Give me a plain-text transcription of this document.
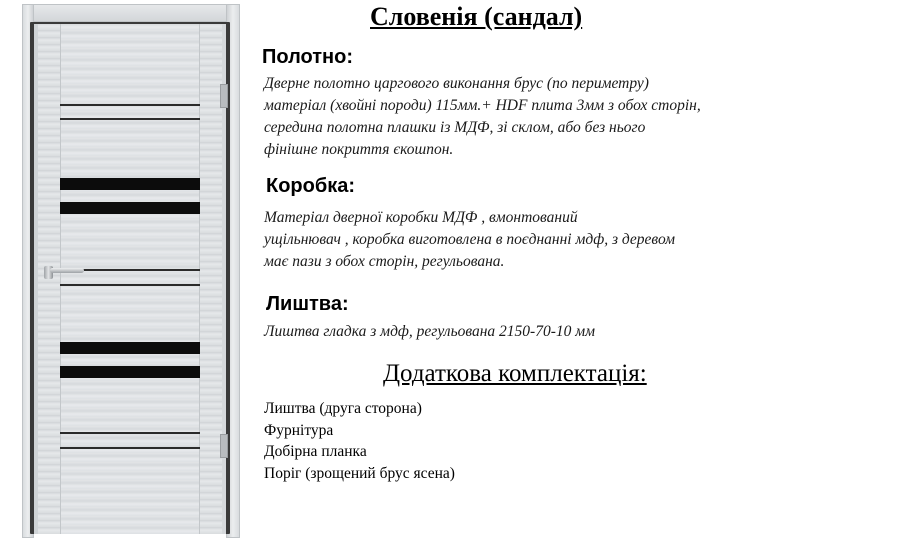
Словенія (сандал)
Полотно:
Дверне полотно царгового виконання брус (по периметру)
матеріал (хвойні породи) 115мм.+ HDF плита 3мм з обох сторін,
середина полотна плашки із МДФ, зі склом, або без нього
фінішне покриття єкошпон.
Коробка:
Матеріал дверної коробки МДФ , вмонтований
ущільнювач , коробка виготовлена в поєднанні мдф, з деревом
має пази з обох сторін, регульована.
Лиштва:
Лиштва гладка з мдф, регульована 2150-70-10 мм
Додаткова комплектація:
Лиштва (друга сторона)
Фурнітура
Добірна планка
Поріг (зрощений брус ясена)
